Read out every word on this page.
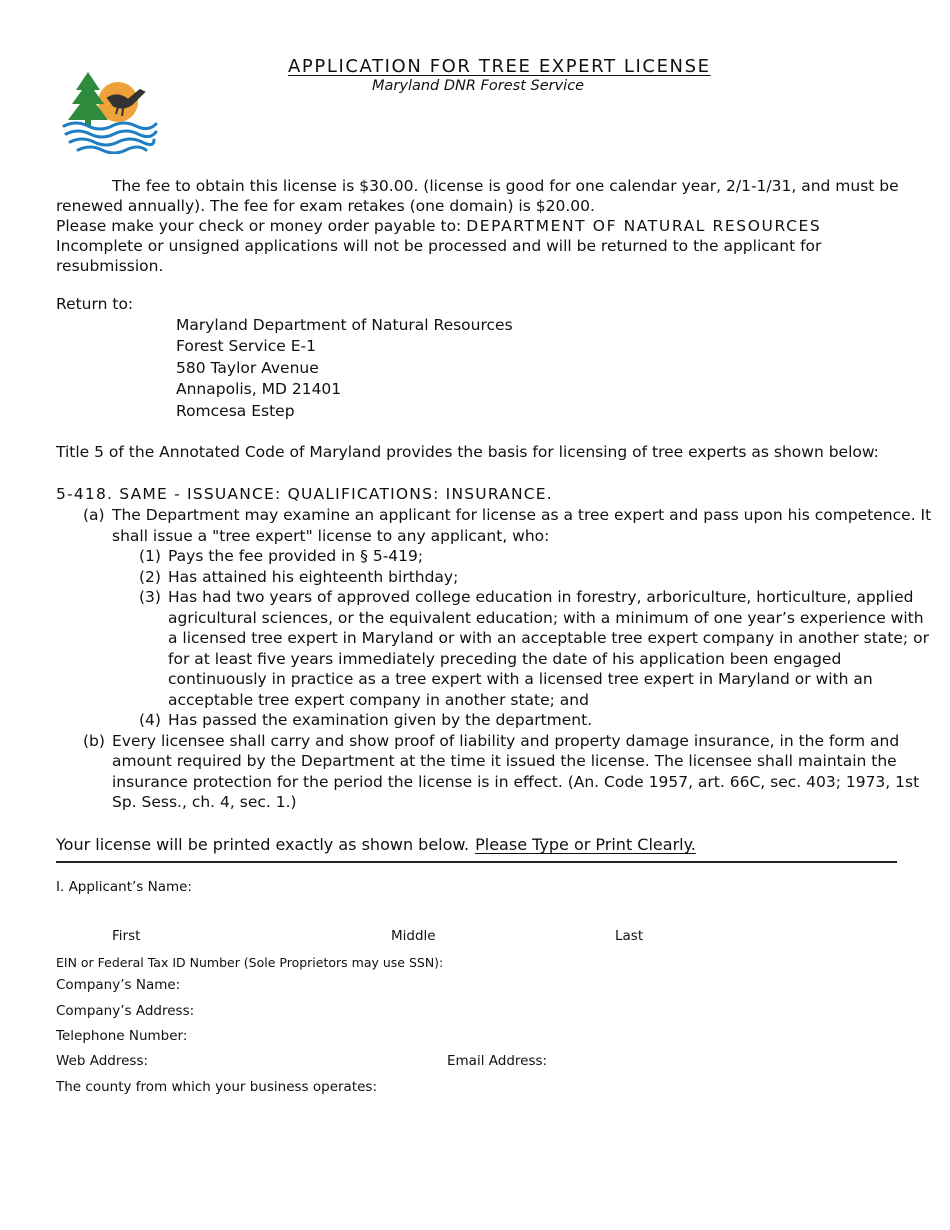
APPLICATION FOR TREE EXPERT LICENSE
Maryland DNR Forest Service
The fee to obtain this license is $30.00. (license is good for one calendar year, 2/1-1/31, and must be
renewed annually). The fee for exam retakes (one domain) is $20.00.
Please make your check or money order payable to: DEPARTMENT OF NATURAL RESOURCES
Incomplete or unsigned applications will not be processed and will be returned to the applicant for
resubmission.
Return to:
Maryland Department of Natural Resources
Forest Service E-1
580 Taylor Avenue
Annapolis, MD 21401
Romcesa Estep
Title 5 of the Annotated Code of Maryland provides the basis for licensing of tree experts as shown below:
5-418. SAME - ISSUANCE: QUALIFICATIONS: INSURANCE.
(a) The Department may examine an applicant for license as a tree expert and pass upon his competence. It
shall issue a "tree expert" license to any applicant, who:
(1) Pays the fee provided in § 5-419;
(2) Has attained his eighteenth birthday;
(3) Has had two years of approved college education in forestry, arboriculture, horticulture, applied
agricultural sciences, or the equivalent education; with a minimum of one year’s experience with
a licensed tree expert in Maryland or with an acceptable tree expert company in another state; or
for at least five years immediately preceding the date of his application been engaged
continuously in practice as a tree expert with a licensed tree expert in Maryland or with an
acceptable tree expert company in another state; and
(4) Has passed the examination given by the department.
(b) Every licensee shall carry and show proof of liability and property damage insurance, in the form and
amount required by the Department at the time it issued the license. The licensee shall maintain the
insurance protection for the period the license is in effect. (An. Code 1957, art. 66C, sec. 403; 1973, 1st
Sp. Sess., ch. 4, sec. 1.)
Your license will be printed exactly as shown below. Please Type or Print Clearly.
I. Applicant’s Name:
First	Middle	Last
EIN or Federal Tax ID Number (Sole Proprietors may use SSN):
Company’s Name:
Company’s Address:
Telephone Number:
Web Address:	Email Address:
The county from which your business operates:
